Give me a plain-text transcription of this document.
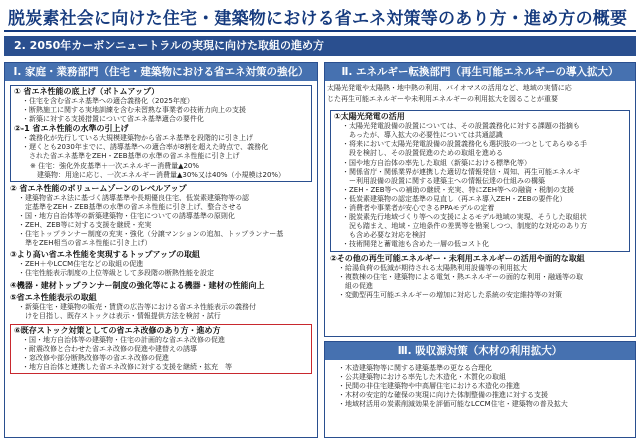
脱炭素社会に向けた住宅・建築物における省エネ対策等のあり方・進め方の概要
2. 2050年カーボンニュートラルの実現に向けた取組の進め方
Ⅰ. 家庭・業務部門（住宅・建築物における省エネ対策の強化）
① 省エネ性能の底上げ（ボトムアップ）
・住宅を含む省エネ基準への適合義務化（2025年度）
・断熱施工に関する実地訓練を含む未習熟な事業者の技術力向上の支援
・新築に対する支援措置について省エネ基準適合の要件化
②-1 省エネ性能の水準の引上げ
・義務化が先行している大規模建築物から省エネ基準を段階的に引き上げ
・遅くとも2030年までに、誘導基準への適合率が8割を超えた時点で、義務化
　された省エネ基準をZEH・ZEB基準の水準の省エネ性能に引き上げ
※ 住宅：強化外皮基準＋一次エネルギー消費量▲20%
　建築物：用途に応じ、一次エネルギー消費量▲30%又は40%（小規模は20%）
② 省エネ性能のボリュームゾーンのレベルアップ
・建築物省エネ法に基づく誘導基準や長期優良住宅、低炭素建築物等の認
　定基準をZEH・ZEB基準の水準の省エネ性能に引き上げ、整合させる
・国・地方自治体等の新築建築物・住宅についての誘導基準の原則化
・ZEH、ZEB等に対する支援を継続・充実
・住宅トップランナー制度の充実・強化（分譲マンションの追加、トップランナー基
　準をZEH相当の省エネ性能に引き上げ）
③より高い省エネ性能を実現するトップアップの取組
・ZEH＋やLCCM住宅などの取組の促進
・住宅性能表示制度の上位等級として多段階の断熱性能を設定
④機器・建材トップランナー制度の強化等による機器・建材の性能向上
⑤省エネ性能表示の取組
・新築住宅・建築物の販売・賃貸の広告等における省エネ性能表示の義務付
　けを目指し、既存ストックは表示・情報提供方法を検討・試行
⑥既存ストック対策としての省エネ改修のあり方・進め方
・国・地方自治体等の建築物・住宅の計画的な省エネ改修の促進
・耐震改修と合わせた省エネ改修の促進や建替えの誘導
・窓改修や部分断熱改修等の省エネ改修の促進
・地方自治体と連携した省エネ改修に対する支援を継続・拡充　等
Ⅱ. エネルギー転換部門（再生可能エネルギーの導入拡大）
太陽光発電や太陽熱・地中熱の利用、バイオマスの活用など、地域の実情に応
じた再生可能エネルギーや未利用エネルギーの利用拡大を図ることが重要
①太陽光発電の活用
・太陽光発電設備の設置については、その設置義務化に対する課題の指摘も
　あったが、導入拡大の必要性については共通認識
・将来において太陽光発電設備の設置義務化も選択肢の一つとしてあらゆる手
　段を検討し、その設置促進のための取組を進める
・国や地方自治体の率先した取組（新築における標準化等）
・関係省庁・関係業界が連携した適切な情報発信・周知、再生可能エネルギ
　ー利用設備の設置に関する建築主への情報伝達の仕組みの構築
・ZEH・ZEB等への補助の継続・充実、特にZEH等への融資・税制の支援
・低炭素建築物の認定基準の見直し（再エネ導入ZEH・ZEBの要件化）
・消費者や事業者が安心できるPPAモデルの定着
・脱炭素先行地域づくり等への支援によるモデル地域の実現、そうした取組状
　況も踏まえ、地域・立地条件の差異等を勘案しつつ、制度的な対応のあり方
　も含め必要な対応を検討
・技術開発と蓄電池も含めた一層の低コスト化
②その他の再生可能エネルギー・未利用エネルギーの活用や面的な取組
・給湯負荷の低減が期待される太陽熱利用設備等の利用拡大
・複数棟の住宅・建築物による電気・熱エネルギーの面的な利用・融通等の取
　組の促進
・変動型再生可能エネルギーの増加に対応した系統の安定維持等の対策
Ⅲ. 吸収源対策（木材の利用拡大）
・木造建築物等に関する建築基準の更なる合理化
・公共建築物における率先した木造化・木質化の取組
・民間の非住宅建築物や中高層住宅における木造化の推進
・木材の安定的な確保の実現に向けた体制整備の推進に対する支援
・地域材活用の炭素削減効果を評価可能なLCCM住宅・建築物の普及拡大
